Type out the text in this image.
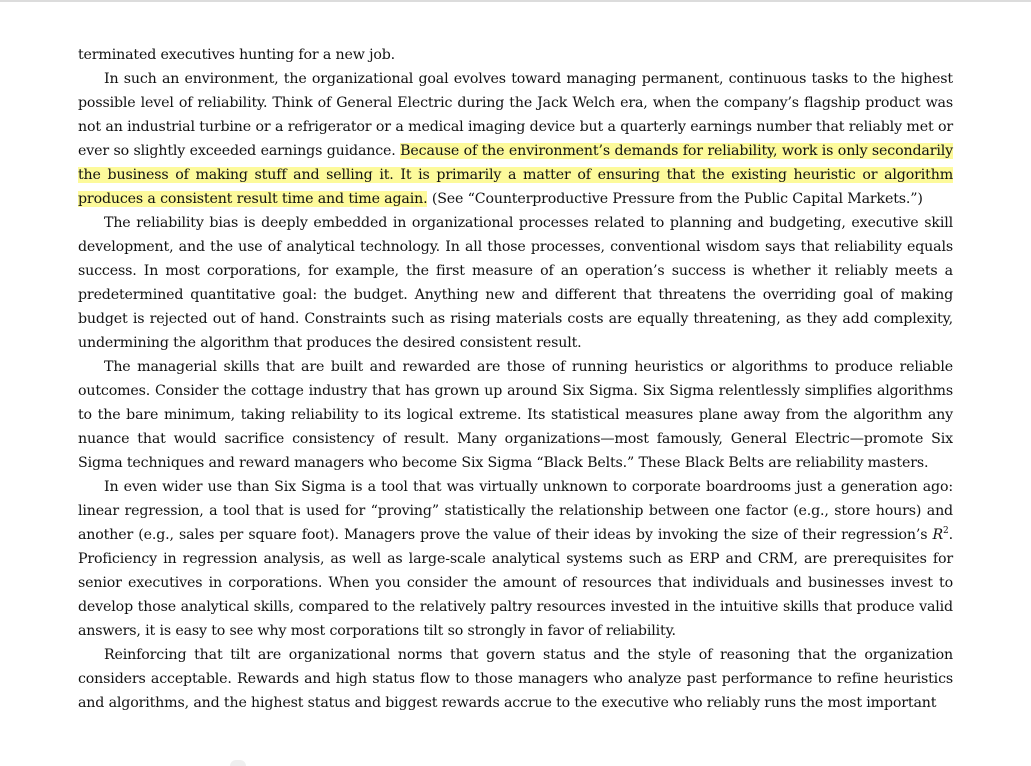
terminated executives hunting for a new job.

In such an environment, the organizational goal evolves toward managing permanent, continuous tasks to the highest possible level of reliability. Think of General Electric during the Jack Welch era, when the company’s flagship product was not an industrial turbine or a refrigerator or a medical imaging device but a quarterly earnings number that reliably met or ever so slightly exceeded earnings guidance. Because of the environment’s demands for reliability, work is only secondarily the business of making stuff and selling it. It is primarily a matter of ensuring that the existing heuristic or algorithm produces a consistent result time and time again. (See “Counterproductive Pressure from the Public Capital Markets.”)

The reliability bias is deeply embedded in organizational processes related to planning and budgeting, executive skill development, and the use of analytical technology. In all those processes, conventional wisdom says that reliability equals success. In most corporations, for example, the first measure of an operation’s success is whether it reliably meets a predetermined quantitative goal: the budget. Anything new and different that threatens the overriding goal of making budget is rejected out of hand. Constraints such as rising materials costs are equally threatening, as they add complexity, undermining the algorithm that produces the desired consistent result.

The managerial skills that are built and rewarded are those of running heuristics or algorithms to produce reliable outcomes. Consider the cottage industry that has grown up around Six Sigma. Six Sigma relentlessly simplifies algorithms to the bare minimum, taking reliability to its logical extreme. Its statistical measures plane away from the algorithm any nuance that would sacrifice consistency of result. Many organizations—most famously, General Electric—promote Six Sigma techniques and reward managers who become Six Sigma “Black Belts.” These Black Belts are reliability masters.

In even wider use than Six Sigma is a tool that was virtually unknown to corporate boardrooms just a generation ago: linear regression, a tool that is used for “proving” statistically the relationship between one factor (e.g., store hours) and another (e.g., sales per square foot). Managers prove the value of their ideas by invoking the size of their regression’s $R^2$. Proficiency in regression analysis, as well as large-scale analytical systems such as ERP and CRM, are prerequisites for senior executives in corporations. When you consider the amount of resources that individuals and businesses invest to develop those analytical skills, compared to the relatively paltry resources invested in the intuitive skills that produce valid answers, it is easy to see why most corporations tilt so strongly in favor of reliability.

Reinforcing that tilt are organizational norms that govern status and the style of reasoning that the organization considers acceptable. Rewards and high status flow to those managers who analyze past performance to refine heuristics and algorithms, and the highest status and biggest rewards accrue to the executive who reliably runs the most important
